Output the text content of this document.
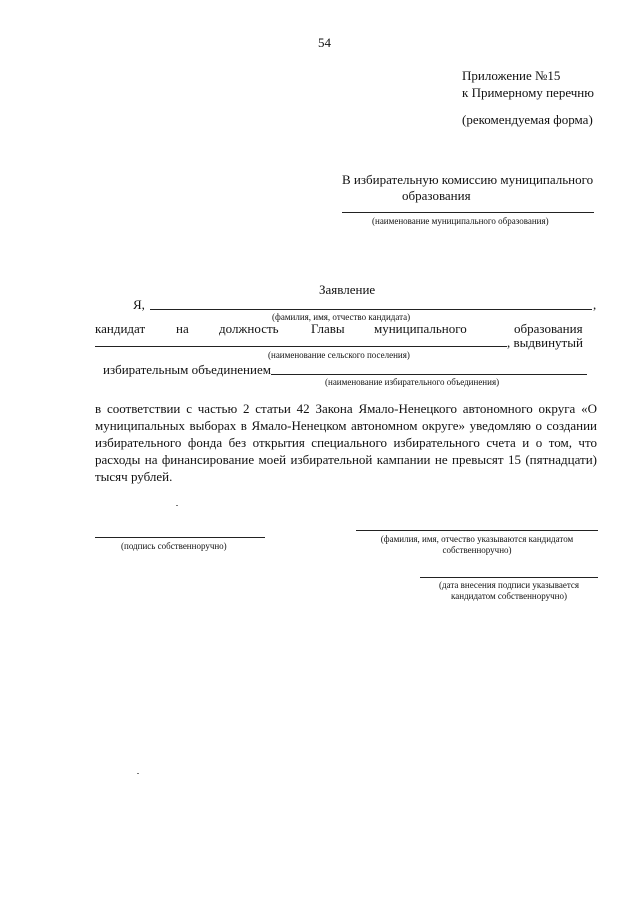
54
Приложение №15
к Примерному перечню
(рекомендуемая форма)
В избирательную комиссию муниципального
образования
(наименование муниципального образования)
Заявление
Я,	,
(фамилия, имя, отчество кандидата)
кандидат на должность Главы муниципального	образования
, выдвинутый
(наименование сельского поселения)
избирательным объединением
(наименование избирательного объединения)
в соответствии с частью 2 статьи 42 Закона Ямало-Ненецкого автономного округа «О муниципальных выборах в Ямало-Ненецком автономном округе» уведомляю о создании избирательного фонда без открытия специального избирательного счета и о том, что расходы на финансирование моей избирательной кампании не превысят 15 (пятнадцати) тысяч рублей.
(подпись собственноручно)
(фамилия, имя, отчество указываются кандидатом
собственноручно)
(дата внесения подписи указывается
кандидатом собственноручно)
